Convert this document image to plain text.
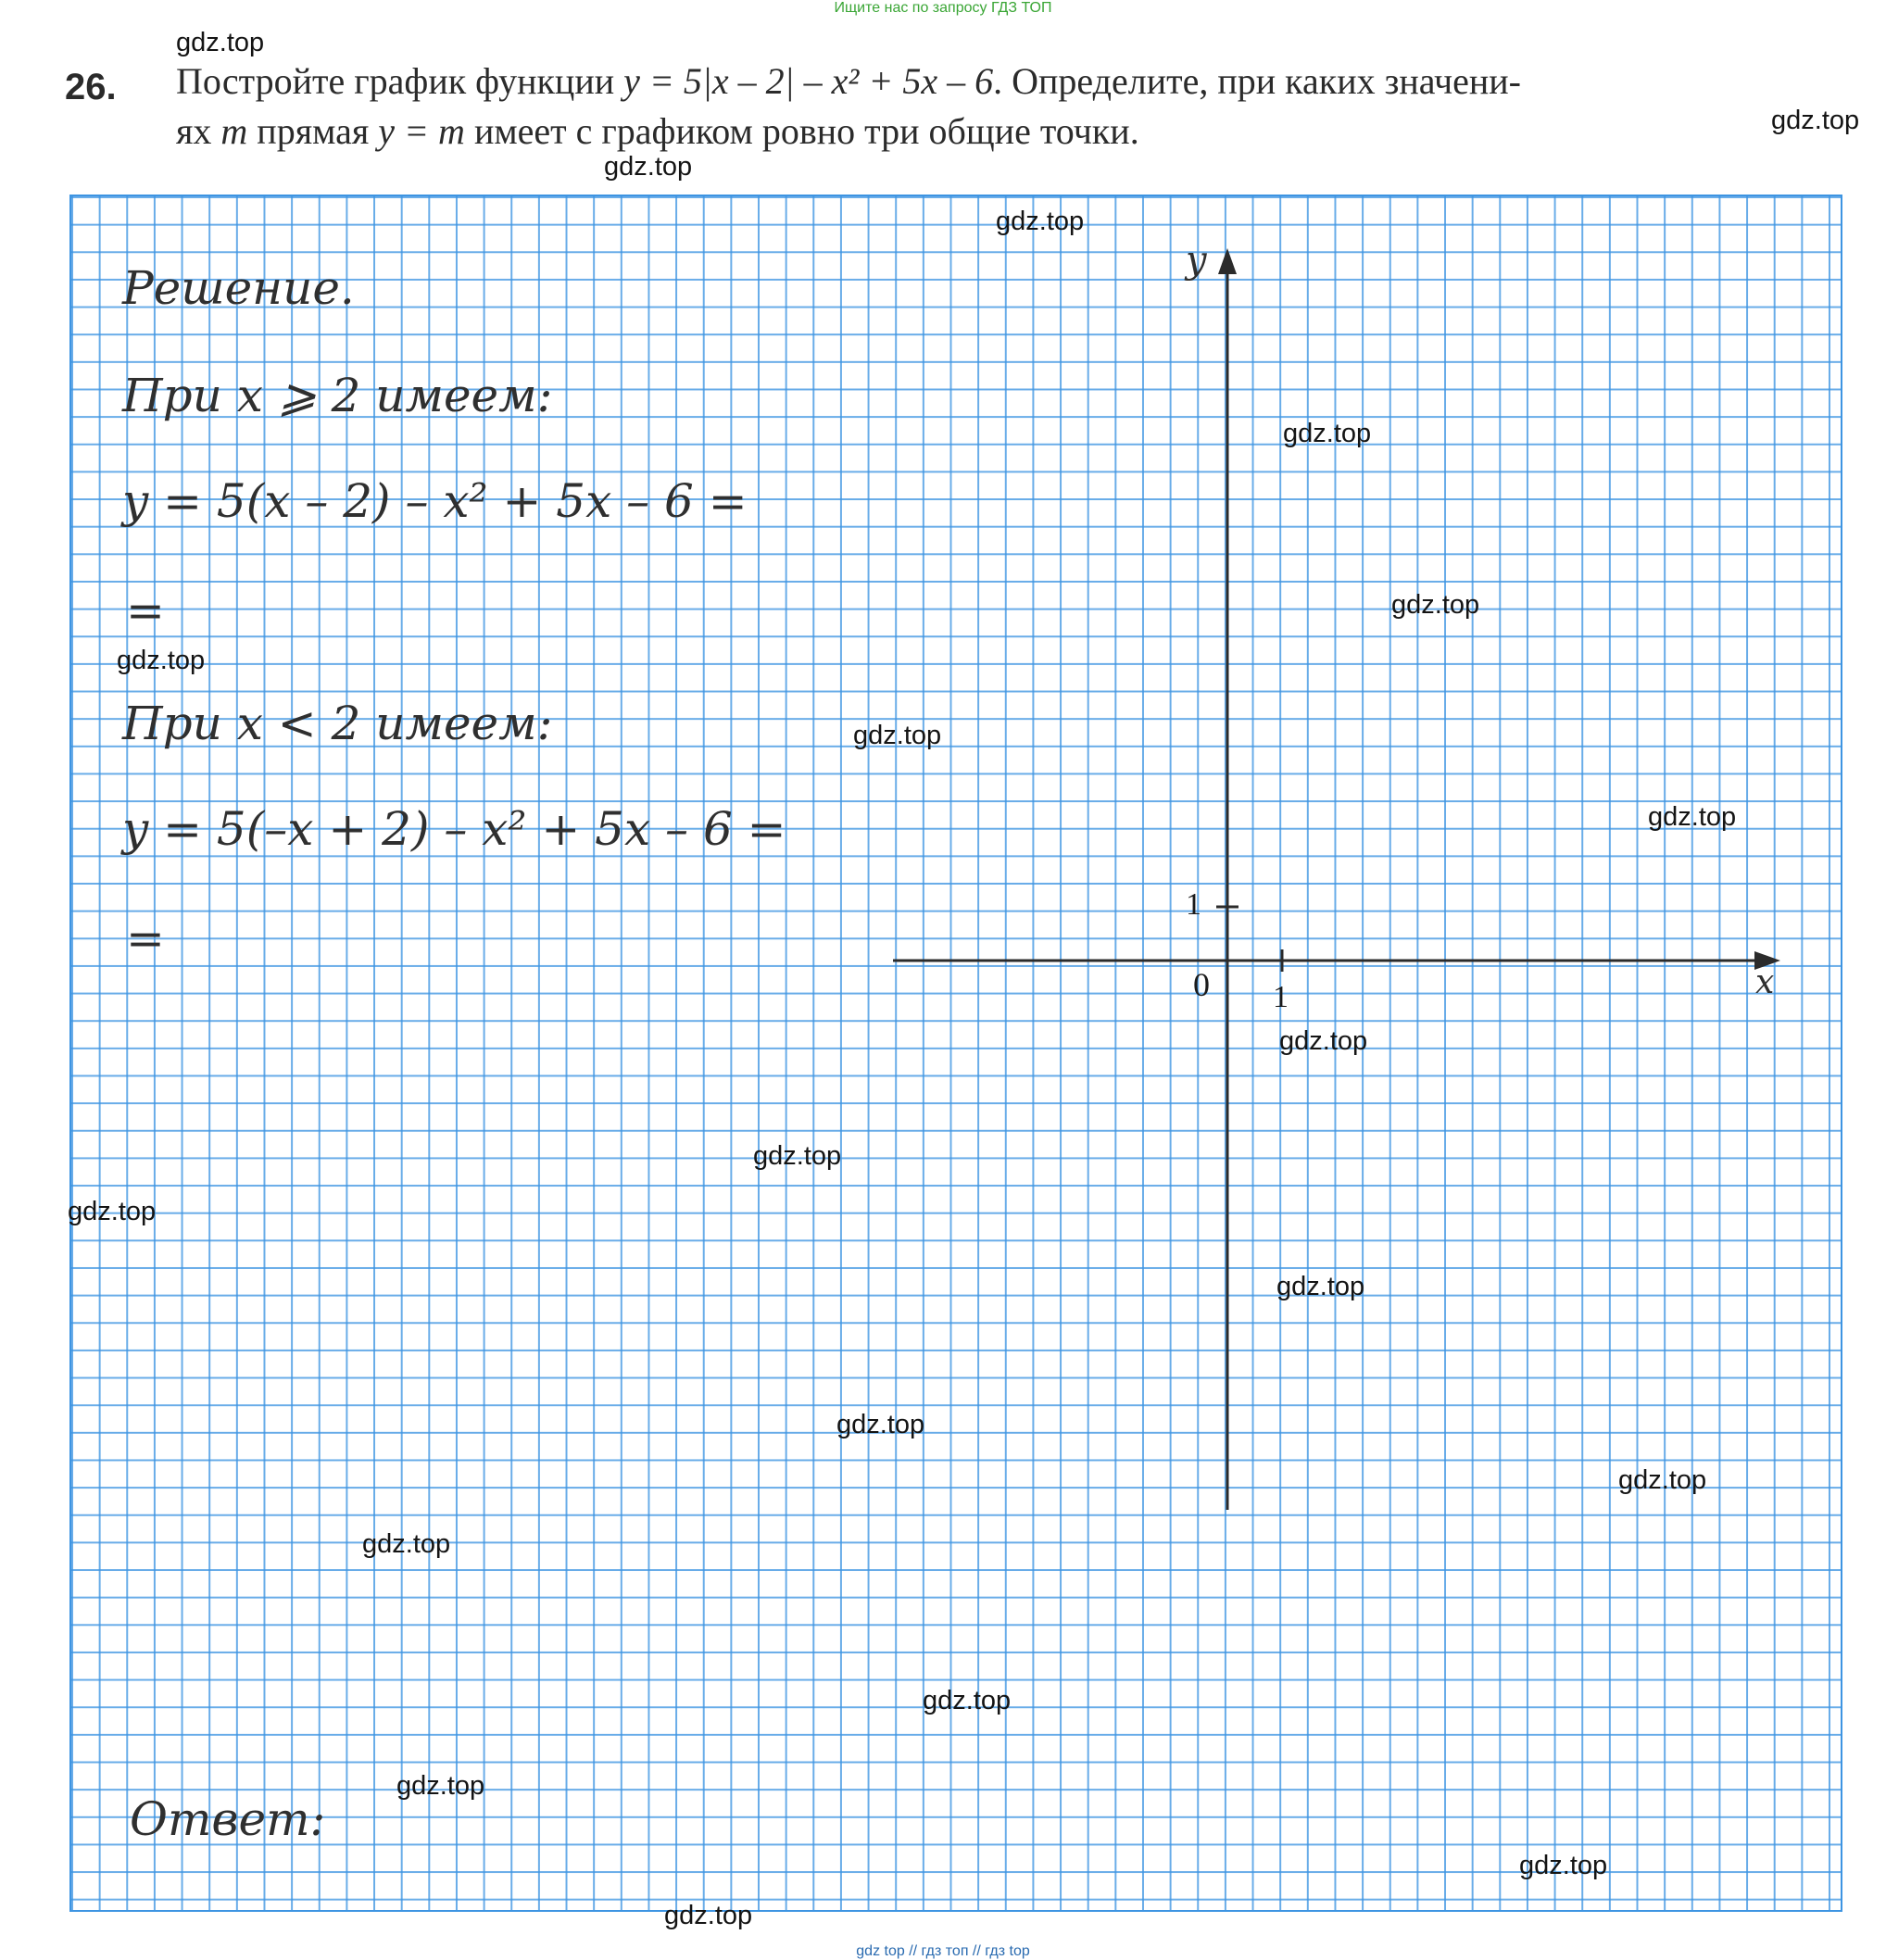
Ищите нас по запросу ГДЗ ТОП
26. Постройте график функции y = 5|x – 2| – x² + 5x – 6. Определите, при каких значени-
ях m прямая y = m имеет с графиком ровно три общие точки.
Решение.
При x ⩾ 2 имеем:
y = 5(x – 2) – x² + 5x – 6 =
=
При x < 2 имеем:
y = 5(–x + 2) – x² + 5x – 6 =
=
Ответ:
x
y
0 1
1
gdz.top
gdz.top
gdz.top
gdz.top
gdz.top
gdz.top
gdz.top
gdz.top
gdz.top
gdz.top
gdz.top
gdz.top
gdz.top
gdz.top
gdz.top
gdz.top
gdz.top
gdz.top
gdz.top
gdz.top
gdz top // гдз топ // гдз top
